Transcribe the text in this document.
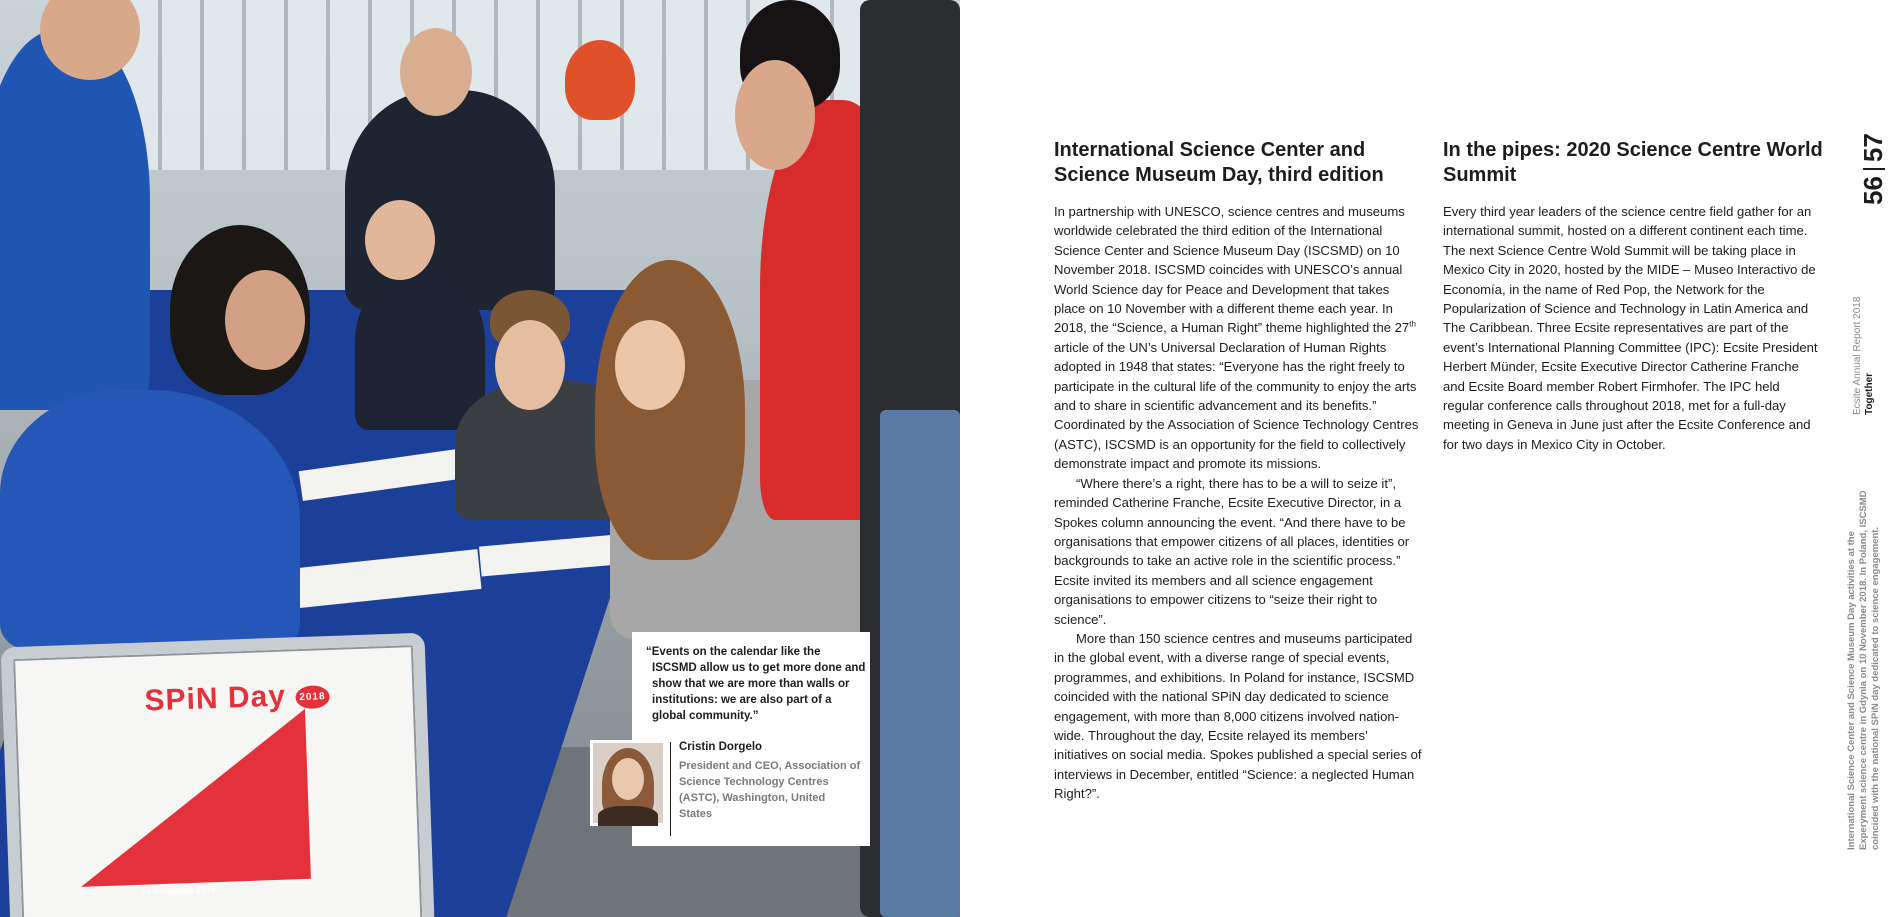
SPiN Day 2018
10 listopada 2018
“Events on the calendar like the ISCSMD allow us to get more done and show that we are more than walls or institutions: we are also part of a global community.”
Cristin Dorgelo
President and CEO, Association of Science Technology Centres (ASTC), Washington, United States
International Science Center and Science Museum Day, third edition

In partnership with UNESCO, science centres and museums worldwide celebrated the third edition of the International Science Center and Science Museum Day (ISCSMD) on 10 November 2018. ISCSMD coincides with UNESCO’s annual World Science day for Peace and Development that takes place on 10 November with a different theme each year. In 2018, the “Science, a Human Right” theme highlighted the 27th article of the UN’s Universal Declaration of Human Rights adopted in 1948 that states: “Everyone has the right freely to participate in the cultural life of the community to enjoy the arts and to share in scientific advancement and its benefits.” Coordinated by the Association of Science Technology Centres (ASTC), ISCSMD is an opportunity for the field to collectively demonstrate impact and promote its missions.

“Where there’s a right, there has to be a will to seize it”, reminded Catherine Franche, Ecsite Executive Director, in a Spokes column announcing the event. “And there have to be organisations that empower citizens of all places, identities or backgrounds to take an active role in the scientific process.” Ecsite invited its members and all science engagement organisations to empower citizens to “seize their right to science”.

More than 150 science centres and museums participated in the global event, with a diverse range of special events, programmes, and exhibitions. In Poland for instance, ISCSMD coincided with the national SPiN day dedicated to science engagement, with more than 8,000 citizens involved nation-wide. Throughout the day, Ecsite relayed its members’ initiatives on social media. Spokes published a special series of interviews in December, entitled “Science: a neglected Human Right?”.

In the pipes: 2020 Science Centre World Summit

Every third year leaders of the science centre field gather for an international summit, hosted on a different continent each time. The next Science Centre Wold Summit will be taking place in Mexico City in 2020, hosted by the MIDE – Museo Interactivo de Economía, in the name of Red Pop, the Network for the Popularization of Science and Technology in Latin America and The Caribbean. Three Ecsite representatives are part of the event’s International Planning Committee (IPC): Ecsite President Herbert Münder, Ecsite Executive Director Catherine Franche and Ecsite Board member Robert Firmhofer. The IPC held regular conference calls throughout 2018, met for a full-day meeting in Geneva in June just after the Ecsite Conference and for two days in Mexico City in October.

5657
Ecsite Annual Report 2018 Together
International Science Center and Science Museum Day activities at the Experyment science centre in Gdynia on 10 November 2018. In Poland, ISCSMD coincided with the national SPiN day dedicated to science engagement.
